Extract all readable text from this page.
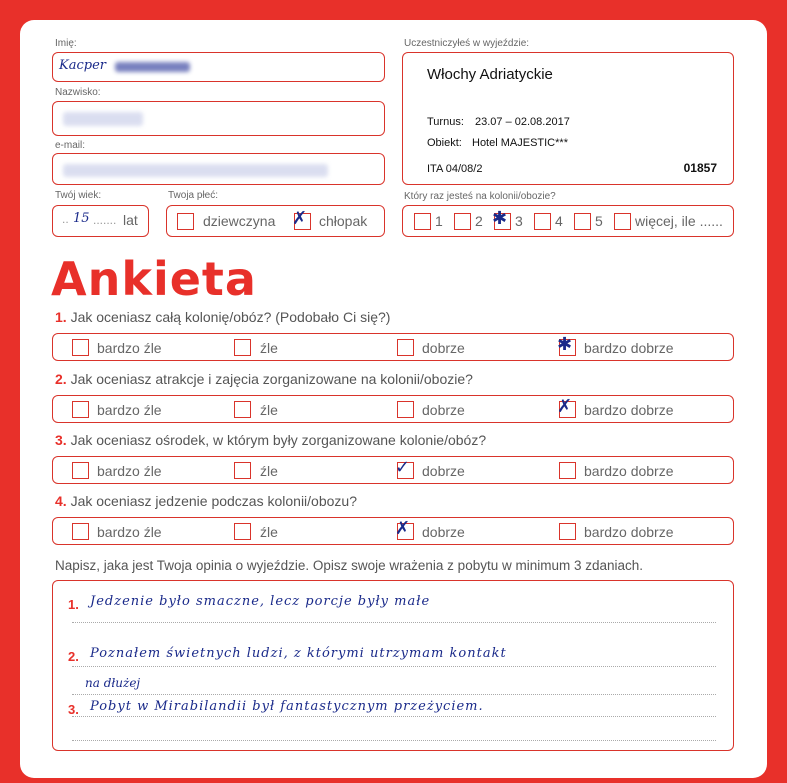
Imię:
Kacper
Nazwisko:
e-mail:
Twój wiek:
.. 15 ....... lat
Twoja płeć:
dziewczyna ✗ chłopak
Uczestniczyłeś w wyjeździe:
Włochy Adriatyckie
Turnus: 23.07 – 02.08.2017
Obiekt: Hotel MAJESTIC***
ITA 04/08/2	01857
Który raz jesteś na kolonii/obozie?
1 2 ✱ 3 4 5 więcej, ile ......
Ankieta
1. Jak oceniasz całą kolonię/obóz? (Podobało Ci się?)
bardzo źle	źle	dobrze	✱ bardzo dobrze
2. Jak oceniasz atrakcje i zajęcia zorganizowane na kolonii/obozie?
bardzo źle	źle	dobrze	✗ bardzo dobrze
3. Jak oceniasz ośrodek, w którym były zorganizowane kolonie/obóz?
bardzo źle	źle	✓ dobrze	bardzo dobrze
4. Jak oceniasz jedzenie podczas kolonii/obozu?
bardzo źle	źle	✗ dobrze	bardzo dobrze
Napisz, jaka jest Twoja opinia o wyjeździe. Opisz swoje wrażenia z pobytu w minimum 3 zdaniach.
1. Jedzenie było smaczne, lecz porcje były małe
2. Poznałem świetnych ludzi, z którymi utrzymam kontakt
na dłużej
3. Pobyt w Mirabilandii był fantastycznym przeżyciem.
